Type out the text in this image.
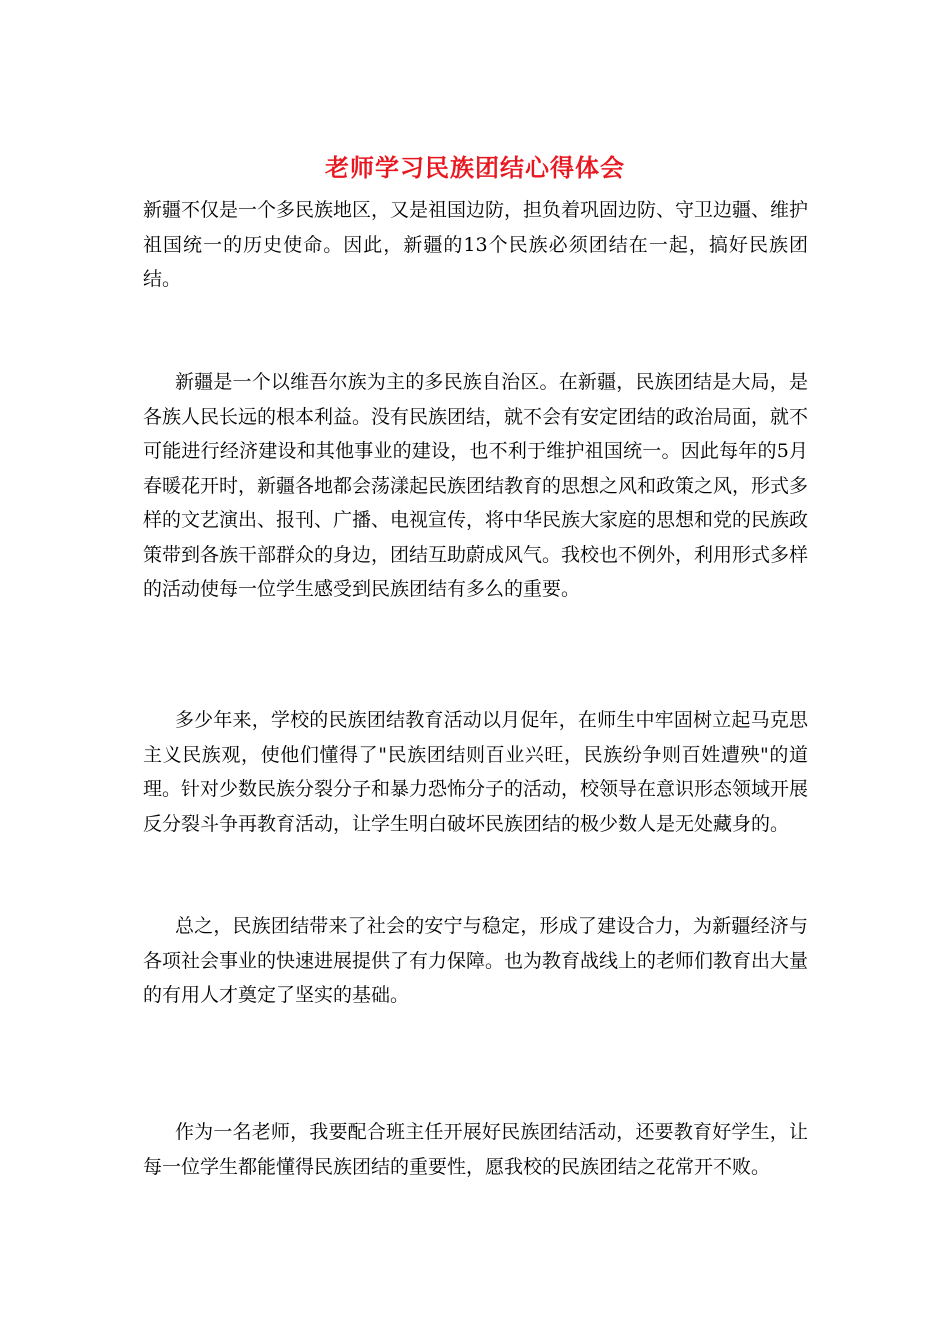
老师学习民族团结心得体会

新疆不仅是一个多民族地区，又是祖国边防，担负着巩固边防、守卫边疆、维护祖国统一的历史使命。因此，新疆的13个民族必须团结在一起，搞好民族团结。

新疆是一个以维吾尔族为主的多民族自治区。在新疆，民族团结是大局，是各族人民长远的根本利益。没有民族团结，就不会有安定团结的政治局面，就不可能进行经济建设和其他事业的建设，也不利于维护祖国统一。因此每年的5月春暖花开时，新疆各地都会荡漾起民族团结教育的思想之风和政策之风，形式多样的文艺演出、报刊、广播、电视宣传，将中华民族大家庭的思想和党的民族政策带到各族干部群众的身边，团结互助蔚成风气。我校也不例外，利用形式多样的活动使每一位学生感受到民族团结有多么的重要。

多少年来，学校的民族团结教育活动以月促年，在师生中牢固树立起马克思主义民族观，使他们懂得了"民族团结则百业兴旺，民族纷争则百姓遭殃"的道理。针对少数民族分裂分子和暴力恐怖分子的活动，校领导在意识形态领域开展反分裂斗争再教育活动，让学生明白破坏民族团结的极少数人是无处藏身的。

总之，民族团结带来了社会的安宁与稳定，形成了建设合力，为新疆经济与各项社会事业的快速进展提供了有力保障。也为教育战线上的老师们教育出大量的有用人才奠定了坚实的基础。

作为一名老师，我要配合班主任开展好民族团结活动，还要教育好学生，让每一位学生都能懂得民族团结的重要性，愿我校的民族团结之花常开不败。
